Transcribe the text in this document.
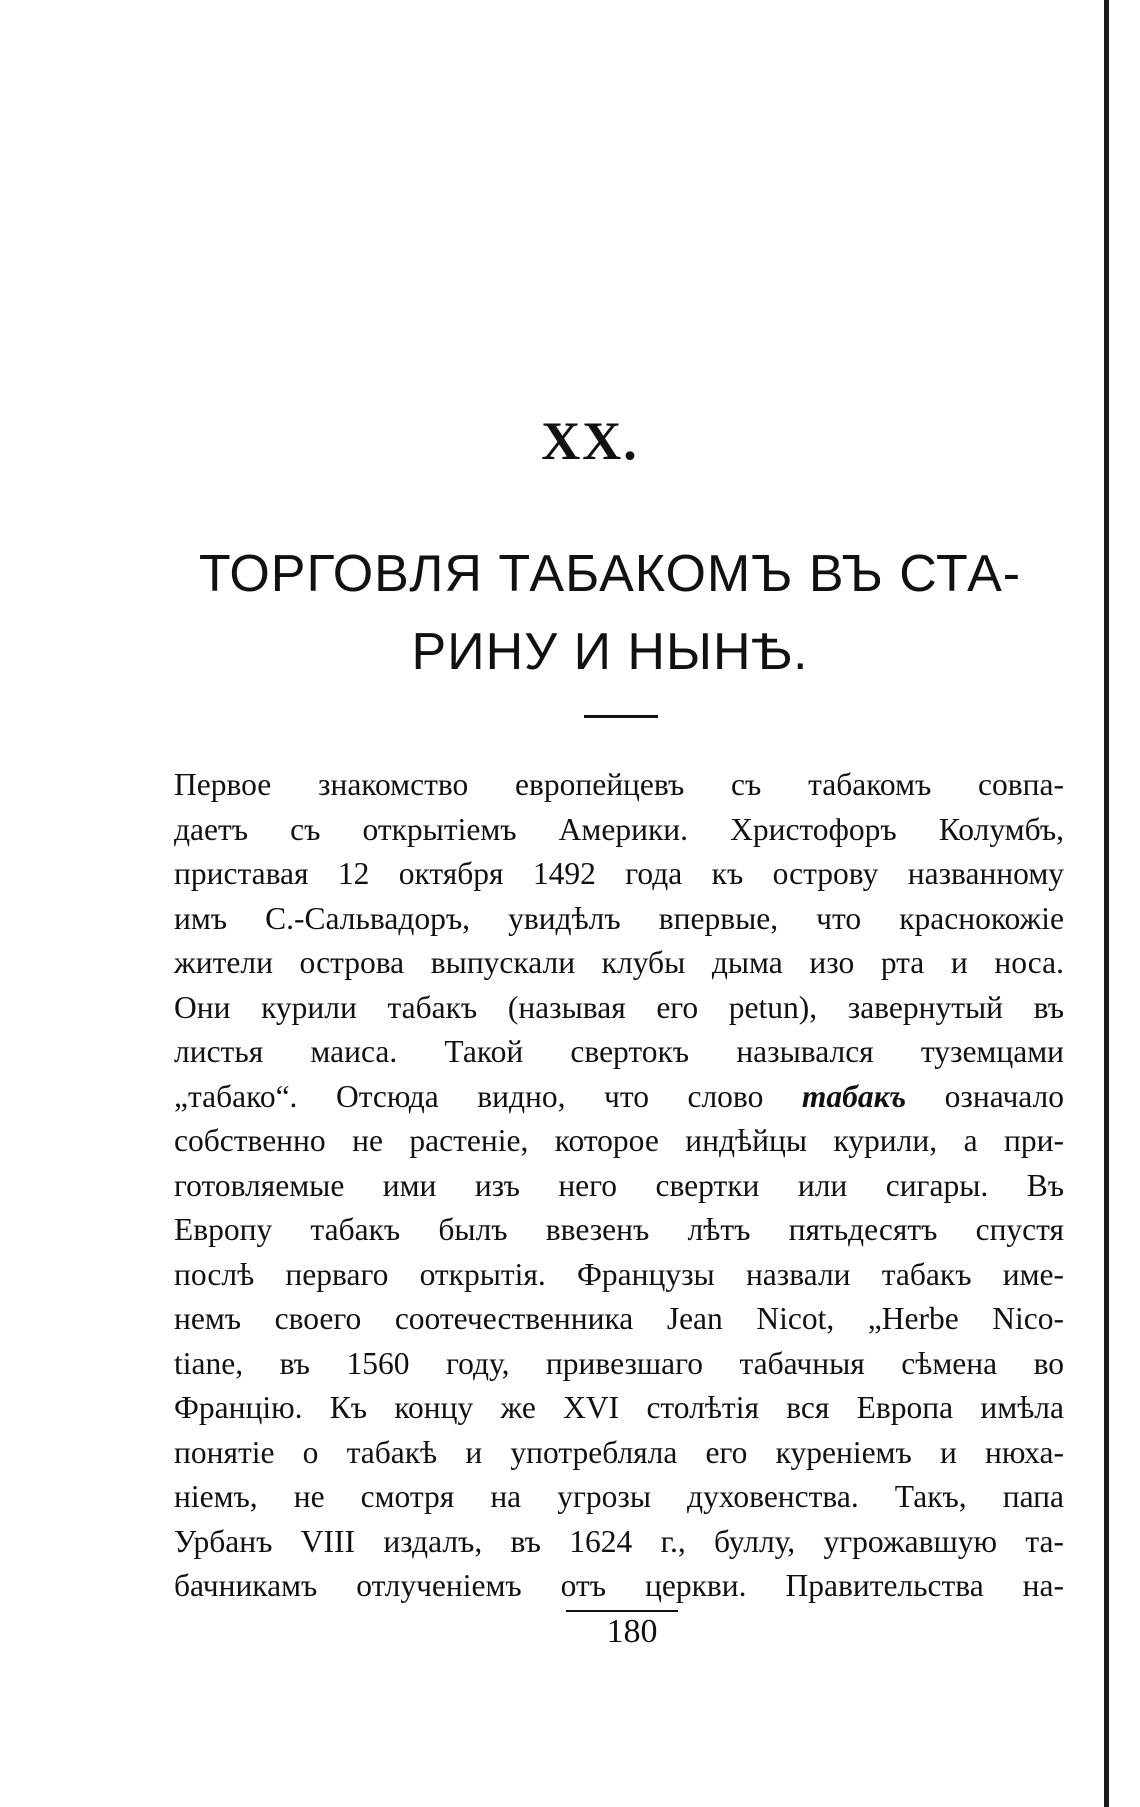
XX.
ТОРГОВЛЯ ТАБАКОМЪ ВЪ СТА-
РИНУ И НЫНѢ.
Первое знакомство европейцевъ съ табакомъ совпа-
даетъ съ открытіемъ Америки. Христофоръ Колумбъ,
приставая 12 октября 1492 года къ острову названному
имъ С.-Сальвадоръ, увидѣлъ впервые, что краснокожіе
жители острова выпускали клубы дыма изо рта и носа.
Они курили табакъ (называя его petun), завернутый въ
листья маиса. Такой свертокъ назывался туземцами
„табако“. Отсюда видно, что слово табакъ означало
собственно не растеніе, которое индѣйцы курили, а при-
готовляемые ими изъ него свертки или сигары. Въ
Европу табакъ былъ ввезенъ лѣтъ пятьдесятъ спустя
послѣ перваго открытія. Французы назвали табакъ име-
немъ своего соотечественника Jean Nicot, „Herbe Nico-
tiane, въ 1560 году, привезшаго табачныя сѣмена во
Францію. Къ концу же XVI столѣтія вся Европа имѣла
понятіе о табакѣ и употребляла его куреніемъ и нюха-
ніемъ, не смотря на угрозы духовенства. Такъ, папа
Урбанъ VIII издалъ, въ 1624 г., буллу, угрожавшую та-
бачникамъ отлученіемъ отъ церкви. Правительства на-
180
